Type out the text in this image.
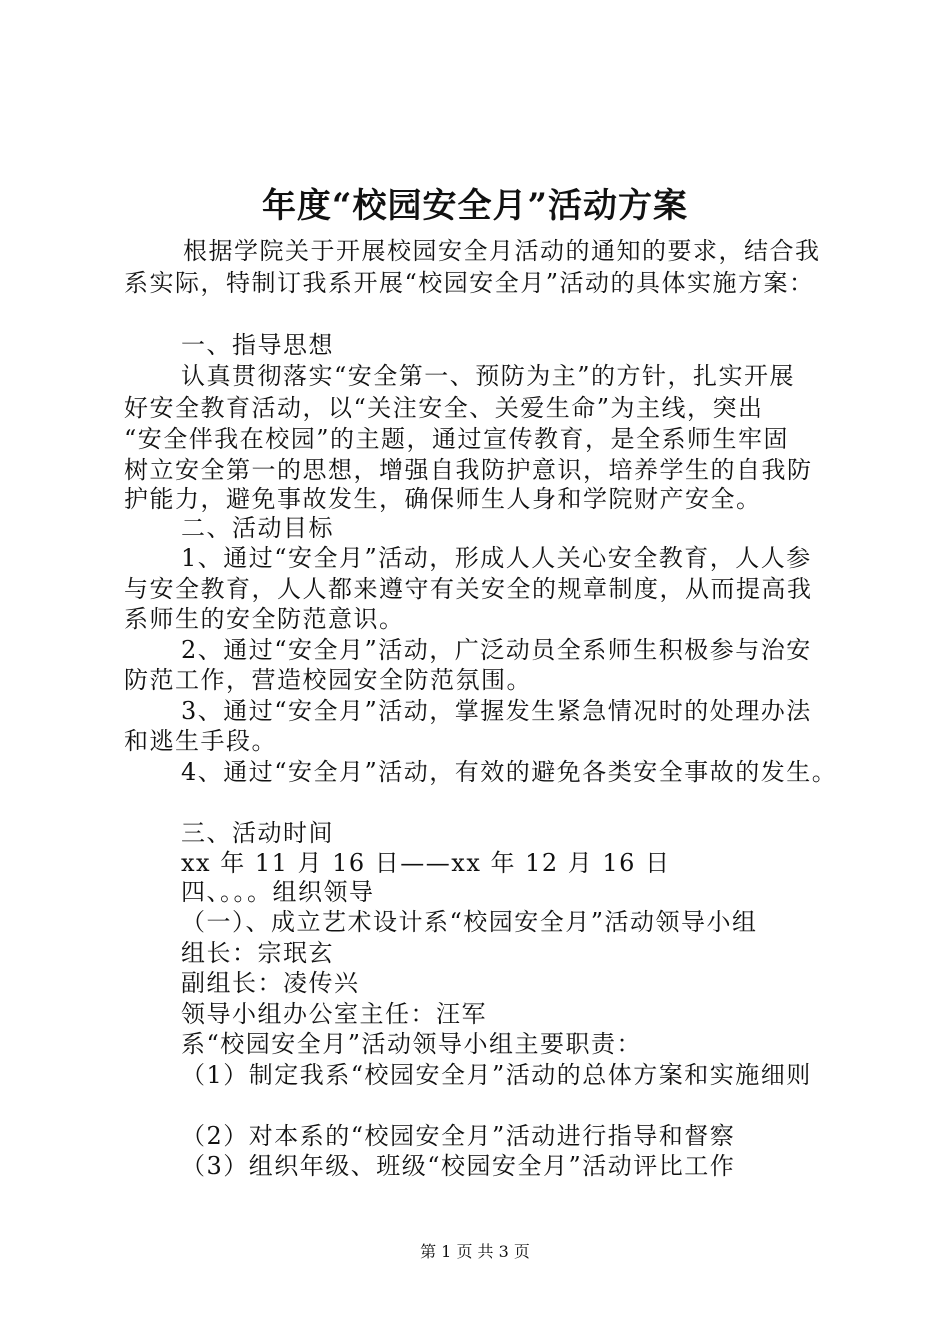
年度“校园安全月”活动方案
根据学院关于开展校园安全月活动的通知的要求，结合我
系实际，特制订我系开展“校园安全月”活动的具体实施方案：
一、指导思想
认真贯彻落实“安全第一、预防为主”的方针，扎实开展
好安全教育活动，以“关注安全、关爱生命”为主线，突出
“安全伴我在校园”的主题，通过宣传教育，是全系师生牢固
树立安全第一的思想，增强自我防护意识，培养学生的自我防
护能力，避免事故发生，确保师生人身和学院财产安全。
二、活动目标
1、通过“安全月”活动，形成人人关心安全教育，人人参
与安全教育，人人都来遵守有关安全的规章制度，从而提高我
系师生的安全防范意识。
2、通过“安全月”活动，广泛动员全系师生积极参与治安
防范工作，营造校园安全防范氛围。
3、通过“安全月”活动，掌握发生紧急情况时的处理办法
和逃生手段。
4、通过“安全月”活动，有效的避免各类安全事故的发生。
三、活动时间
xx 年 11 月 16 日——xx 年 12 月 16 日
四、。。。组织领导
（一）、成立艺术设计系“校园安全月”活动领导小组
组长：宗珉玄
副组长：凌传兴
领导小组办公室主任：汪军
系“校园安全月”活动领导小组主要职责：
（1）制定我系“校园安全月”活动的总体方案和实施细则
（2）对本系的“校园安全月”活动进行指导和督察
（3）组织年级、班级“校园安全月”活动评比工作
第 1 页 共 3 页
